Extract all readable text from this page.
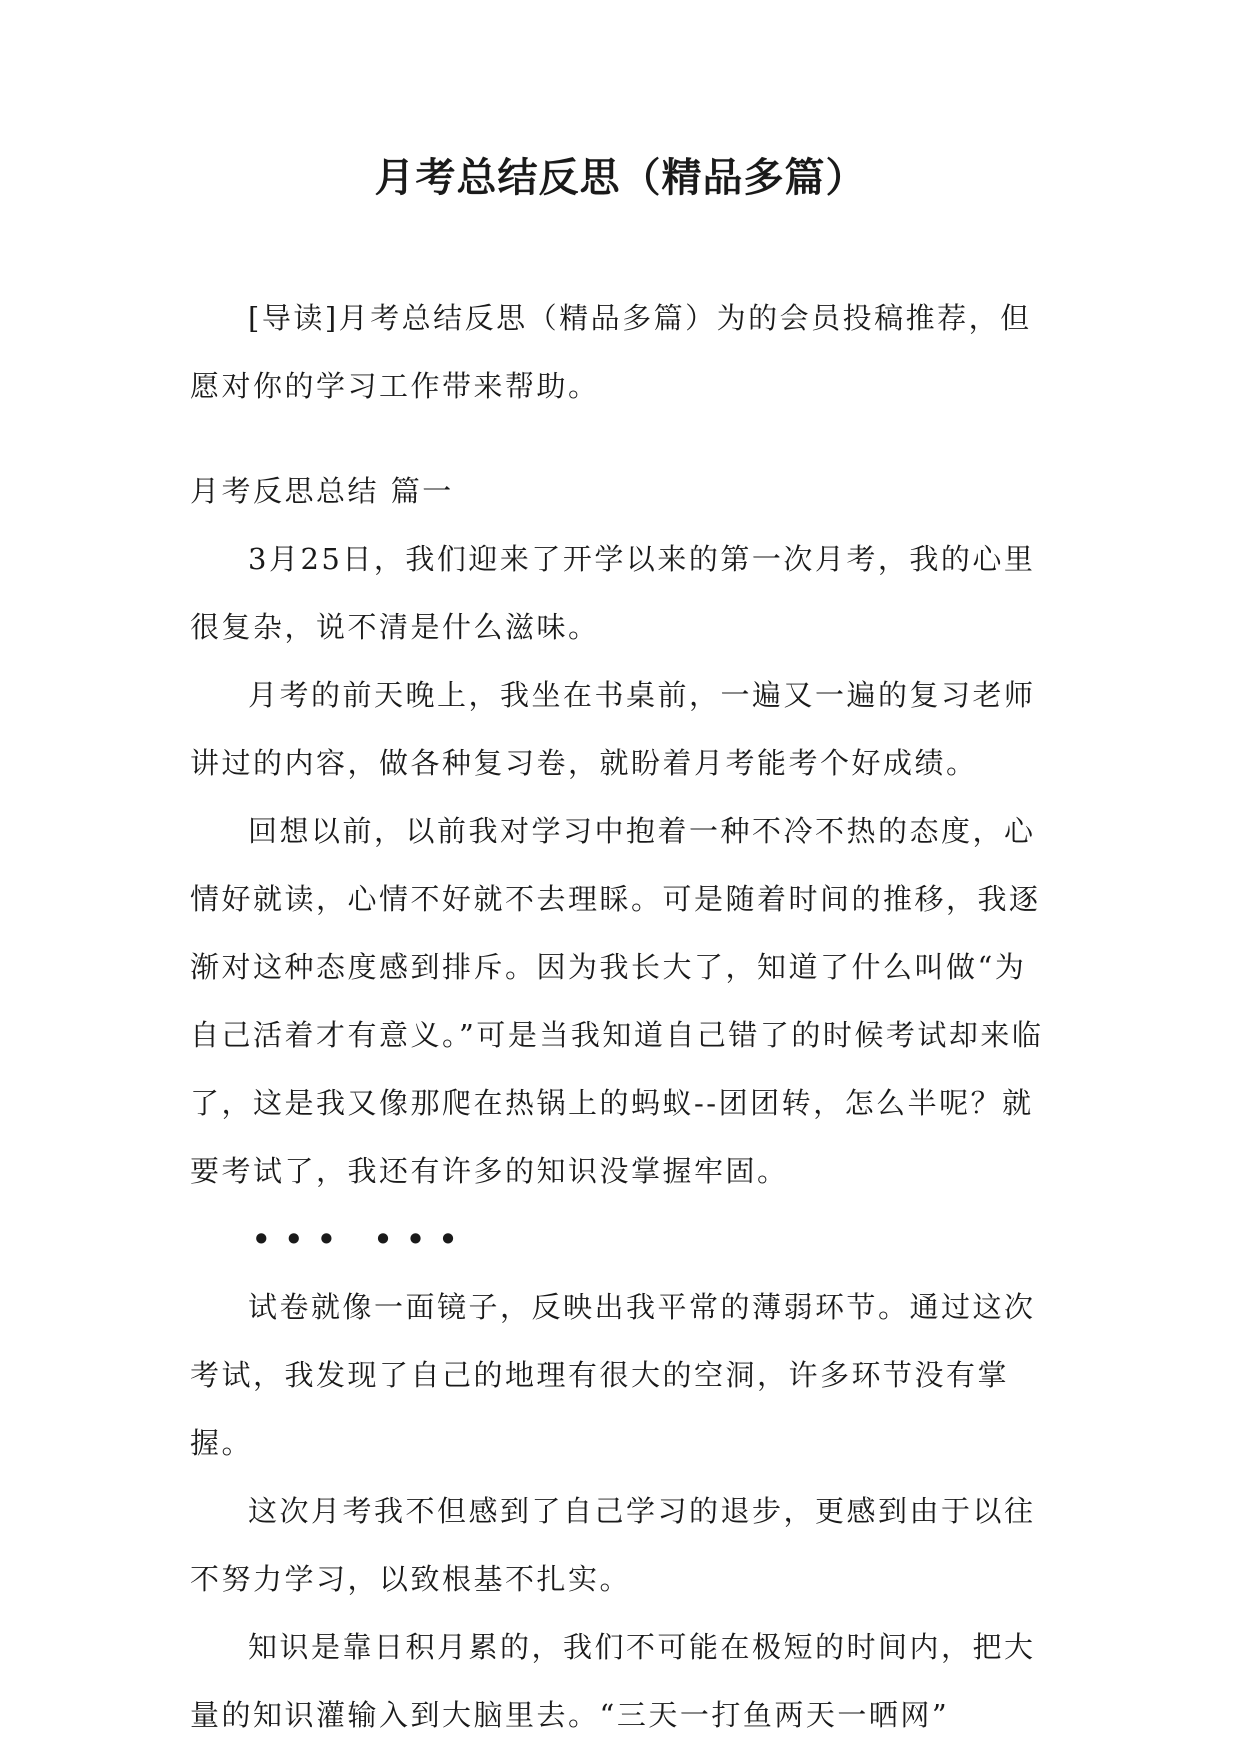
月考总结反思（精品多篇）

[导读]月考总结反思（精品多篇）为的会员投稿推荐，但愿对你的学习工作带来帮助。

月考反思总结 篇一

3月25日，我们迎来了开学以来的第一次月考，我的心里很复杂，说不清是什么滋味。

月考的前天晚上，我坐在书桌前，一遍又一遍的复习老师讲过的内容，做各种复习卷，就盼着月考能考个好成绩。

回想以前，以前我对学习中抱着一种不冷不热的态度，心情好就读，心情不好就不去理睬。可是随着时间的推移，我逐渐对这种态度感到排斥。因为我长大了，知道了什么叫做“为自己活着才有意义。”可是当我知道自己错了的时候考试却来临了，这是我又像那爬在热锅上的蚂蚁--团团转，怎么半呢？就要考试了，我还有许多的知识没掌握牢固。

••• •••

试卷就像一面镜子，反映出我平常的薄弱环节。通过这次考试，我发现了自己的地理有很大的空洞，许多环节没有掌握。

这次月考我不但感到了自己学习的退步，更感到由于以往不努力学习，以致根基不扎实。

知识是靠日积月累的，我们不可能在极短的时间内，把大量的知识灌输入到大脑里去。“三天一打鱼两天一晒网”
